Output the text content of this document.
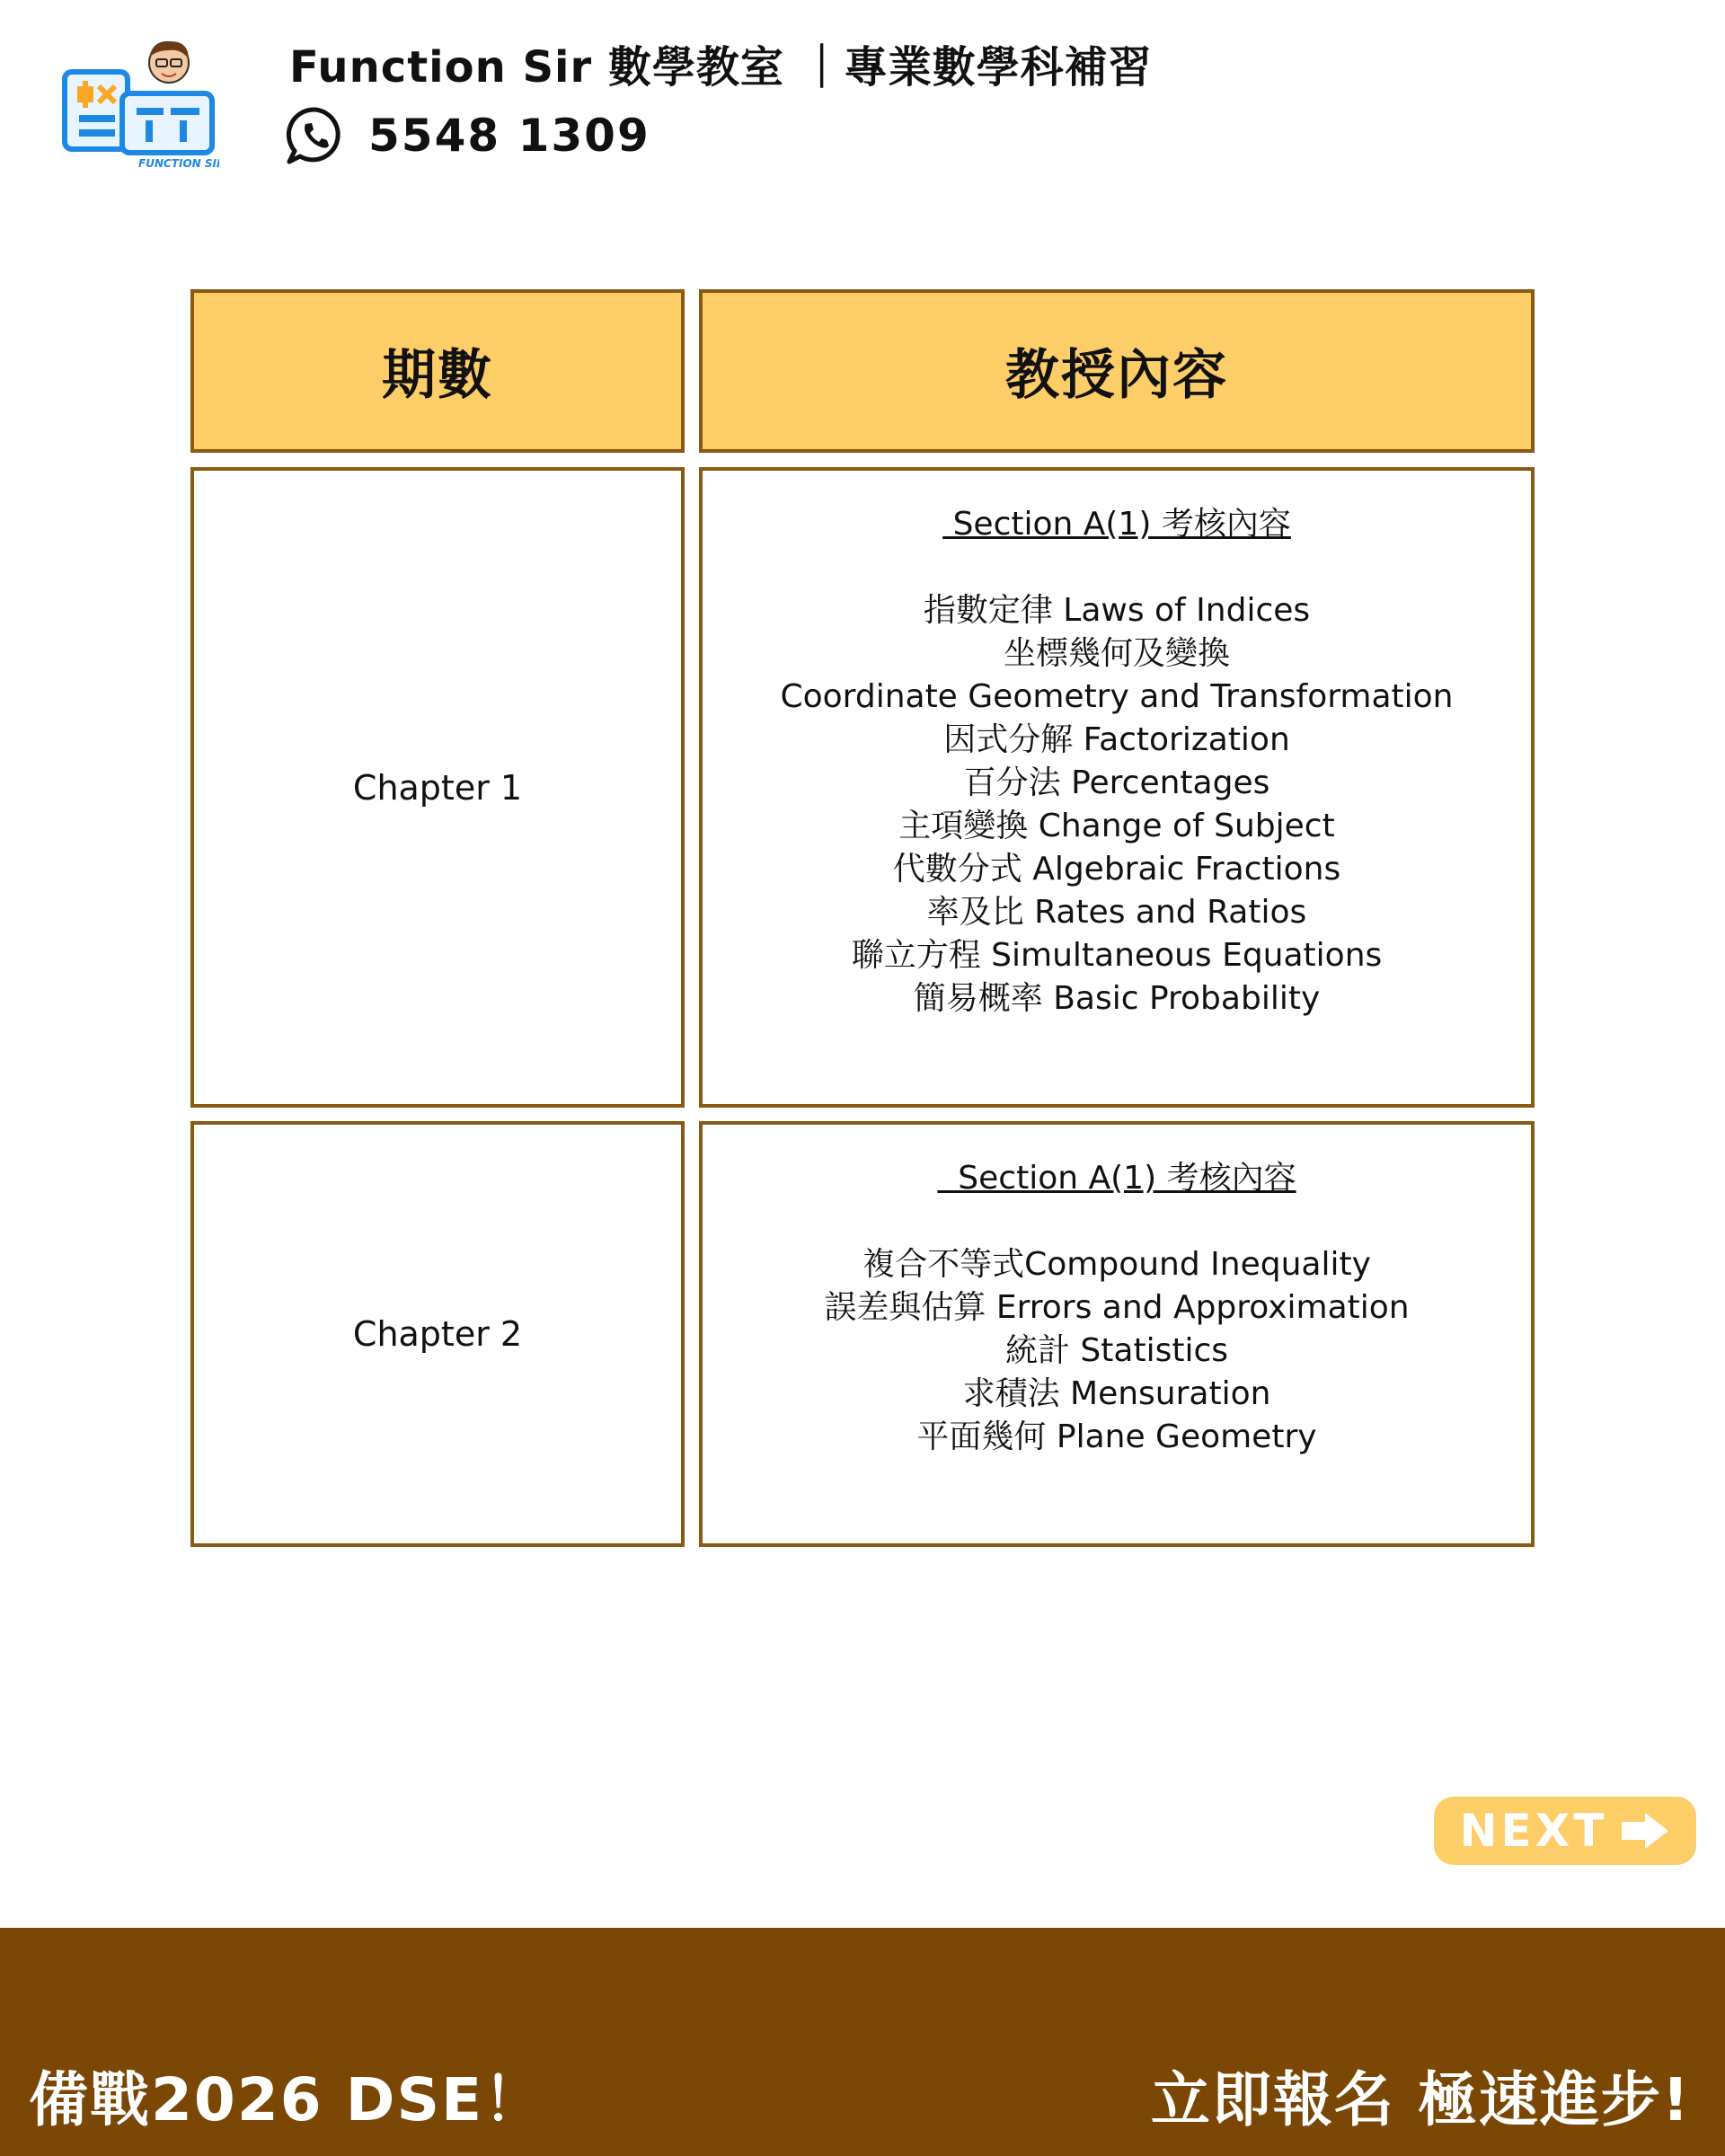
FUNCTION SIR
Function Sir 數學教室 ｜專業數學科補習
5548 1309
期數	教授內容
Chapter 1
Section A(1) 考核內容
指數定律 Laws of Indices
坐標幾何及變換
Coordinate Geometry and Transformation
因式分解 Factorization
百分法 Percentages
主項變換 Change of Subject
代數分式 Algebraic Fractions
率及比 Rates and Ratios
聯立方程 Simultaneous Equations
簡易概率 Basic Probability
Chapter 2
Section A(1) 考核內容
複合不等式Compound Inequality
誤差與估算 Errors and Approximation
統計 Statistics
求積法 Mensuration
平面幾何 Plane Geometry
NEXT
備戰2026 DSE！	立即報名 極速進步!
